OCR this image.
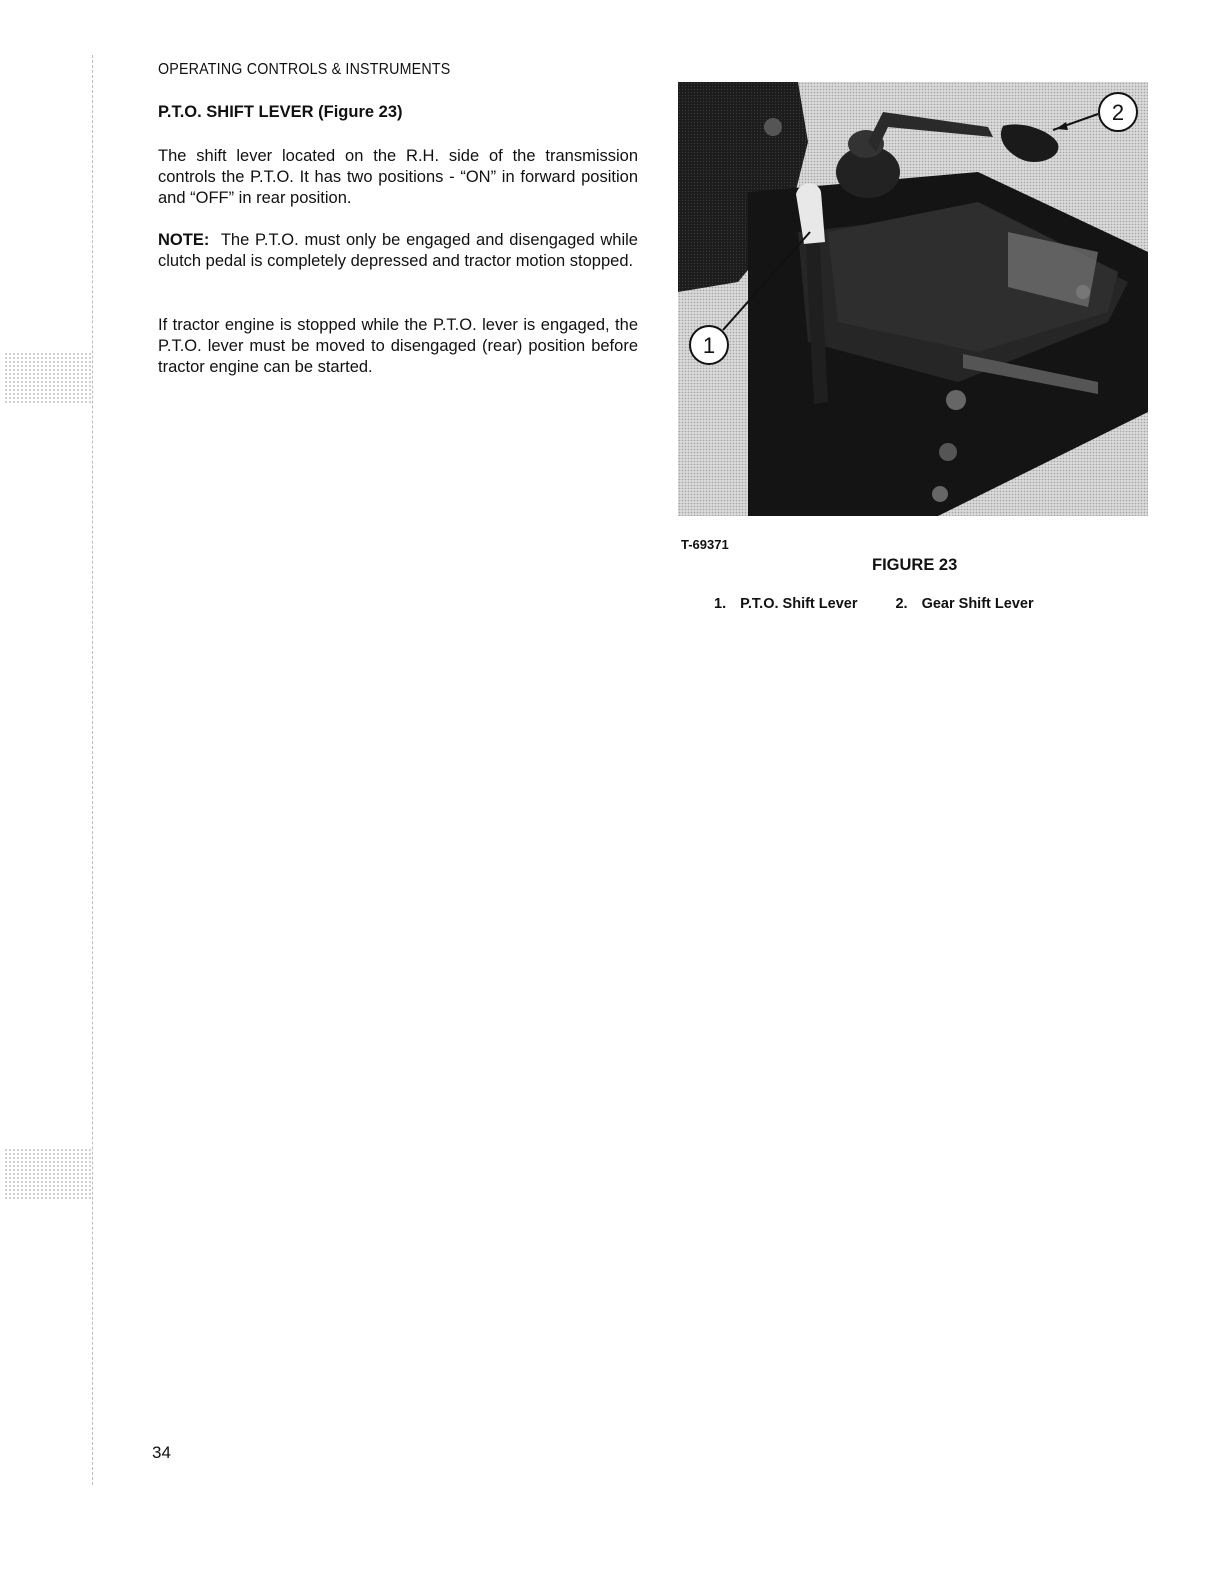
OPERATING CONTROLS & INSTRUMENTS
P.T.O. SHIFT LEVER (Figure 23)

The shift lever located on the R.H. side of the transmission controls the P.T.O. It has two positions - “ON” in forward position and “OFF” in rear position.

NOTE: The P.T.O. must only be engaged and disengaged while clutch pedal is completely depressed and tractor motion stopped.

If tractor engine is stopped while the P.T.O. lever is engaged, the P.T.O. lever must be moved to disengaged (rear) position before tractor engine can be started.

2
1
T-69371
FIGURE 23
1. P.T.O. Shift Lever	2. Gear Shift Lever
34
